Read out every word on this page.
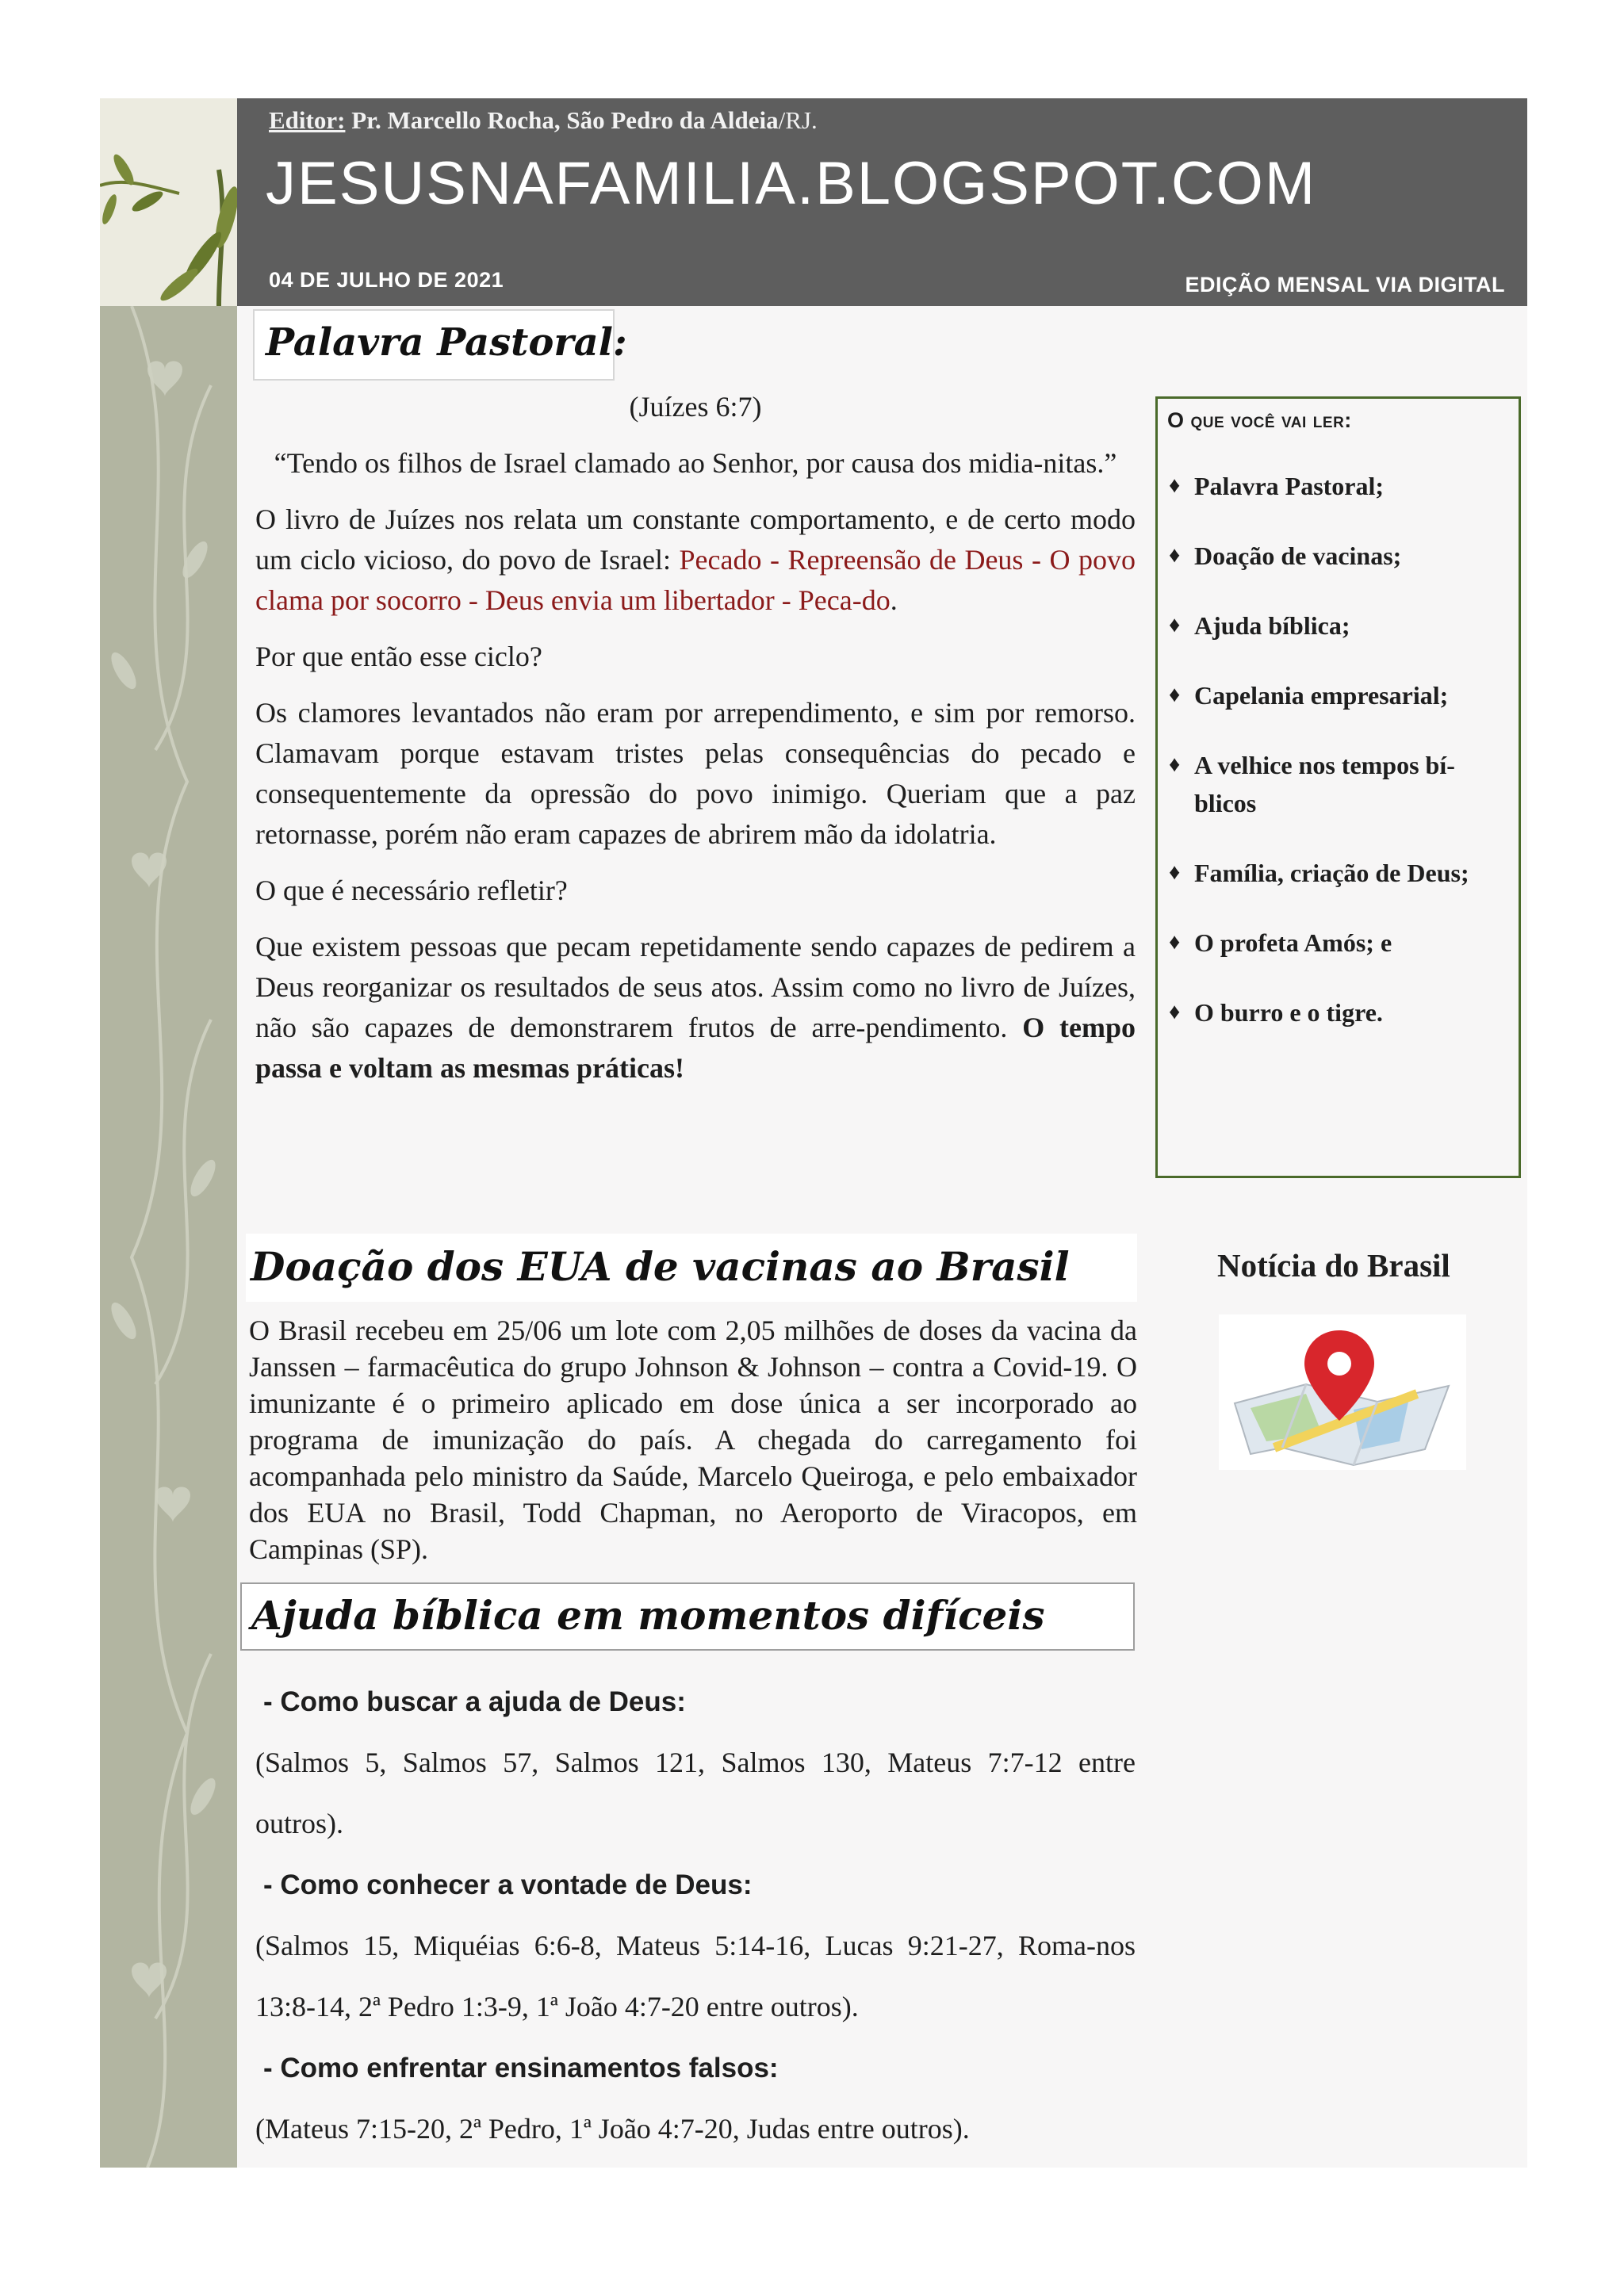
Editor: Pr. Marcello Rocha, São Pedro da Aldeia/RJ.
JESUSNAFAMILIA.BLOGSPOT.COM
04 DE JULHO DE 2021	EDIÇÃO MENSAL VIA DIGITAL
Palavra Pastoral:

(Juízes 6:7)

“Tendo os filhos de Israel clamado ao Senhor, por causa dos midia-nitas.”

O livro de Juízes nos relata um constante comportamento, e de certo modo um ciclo vicioso, do povo de Israel: Pecado - Repreensão de Deus - O povo clama por socorro - Deus envia um libertador - Peca-do.

Por que então esse ciclo?

Os clamores levantados não eram por arrependimento, e sim por remorso. Clamavam porque estavam tristes pelas consequências do pecado e consequentemente da opressão do povo inimigo. Queriam que a paz retornasse, porém não eram capazes de abrirem mão da idolatria.

O que é necessário refletir?

Que existem pessoas que pecam repetidamente sendo capazes de pedirem a Deus reorganizar os resultados de seus atos. Assim como no livro de Juízes, não são capazes de demonstrarem frutos de arre-pendimento. O tempo passa e voltam as mesmas práticas!

O que você vai ler:
♦ Palavra Pastoral;
♦ Doação de vacinas;
♦ Ajuda bíblica;
♦ Capelania empresarial;
♦ A velhice nos tempos bí-blicos
♦ Família, criação de Deus;
♦ O profeta Amós; e
♦ O burro e o tigre.
Notícia do Brasil
Doação dos EUA de vacinas ao Brasil
O Brasil recebeu em 25/06 um lote com 2,05 milhões de doses da vacina da Janssen – farmacêutica do grupo Johnson & Johnson – contra a Covid-19. O imunizante é o primeiro aplicado em dose única a ser incorporado ao programa de imunização do país. A chegada do carregamento foi acompanhada pelo ministro da Saúde, Marcelo Queiroga, e pelo embaixador dos EUA no Brasil, Todd Chapman, no Aeroporto de Viracopos, em Campinas (SP).
Ajuda bíblica em momentos difíceis

- Como buscar a ajuda de Deus:

(Salmos 5, Salmos 57, Salmos 121, Salmos 130, Mateus 7:7-12 entre outros).

- Como conhecer a vontade de Deus:

(Salmos 15, Miquéias 6:6-8, Mateus 5:14-16, Lucas 9:21-27, Roma-nos 13:8-14, 2ª Pedro 1:3-9, 1ª João 4:7-20 entre outros).

- Como enfrentar ensinamentos falsos:

(Mateus 7:15-20, 2ª Pedro, 1ª João 4:7-20, Judas entre outros).
